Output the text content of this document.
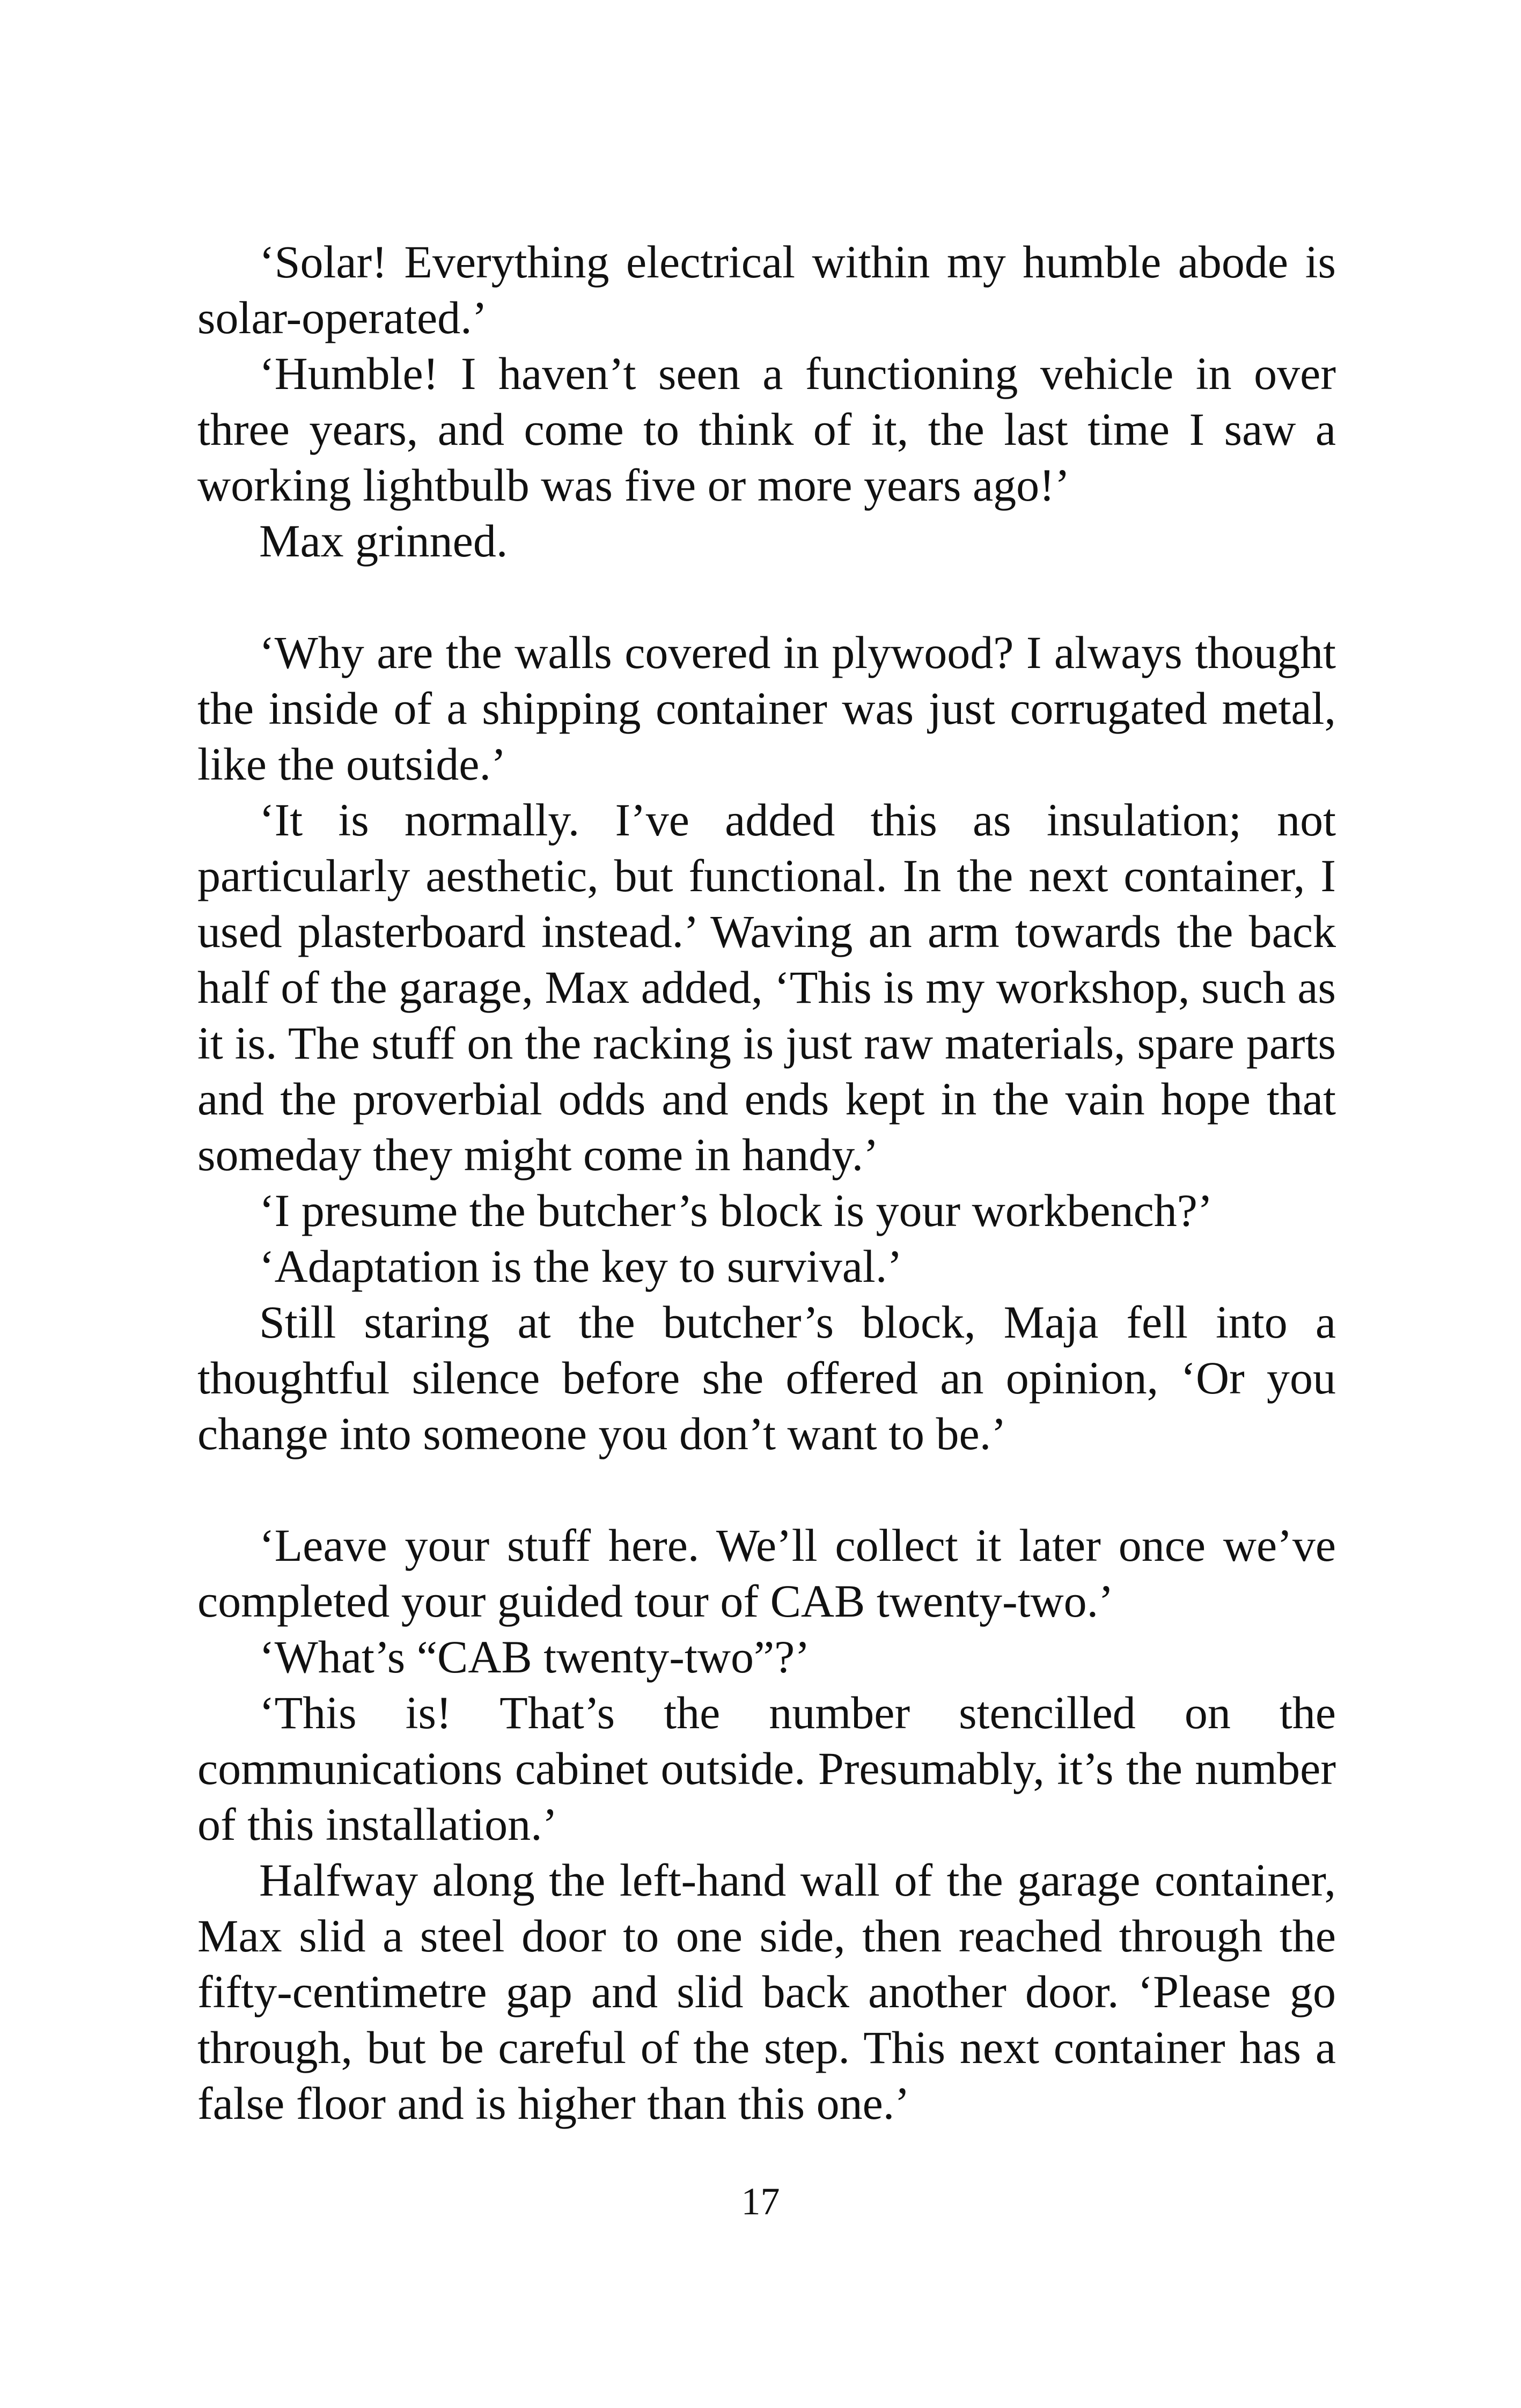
‘Solar! Everything electrical within my humble abode is solar-operated.’

‘Humble! I haven’t seen a functioning vehicle in over three years, and come to think of it, the last time I saw a working lightbulb was five or more years ago!’

Max grinned.

‘Why are the walls covered in plywood? I always thought the inside of a shipping container was just corrugated metal, like the outside.’

‘It is normally. I’ve added this as insulation; not particularly aesthetic, but functional. In the next container, I used plasterboard instead.’ Waving an arm towards the back half of the garage, Max added, ‘This is my workshop, such as it is. The stuff on the racking is just raw materials, spare parts and the proverbial odds and ends kept in the vain hope that someday they might come in handy.’

‘I presume the butcher’s block is your workbench?’

‘Adaptation is the key to survival.’

Still staring at the butcher’s block, Maja fell into a thoughtful silence before she offered an opinion, ‘Or you change into someone you don’t want to be.’

‘Leave your stuff here. We’ll collect it later once we’ve completed your guided tour of CAB twenty-two.’

‘What’s “CAB twenty-two”?’

‘This is! That’s the number stencilled on the communications cabinet outside. Presumably, it’s the number of this installation.’

Halfway along the left-hand wall of the garage container, Max slid a steel door to one side, then reached through the fifty-centimetre gap and slid back another door. ‘Please go through, but be careful of the step. This next container has a false floor and is higher than this one.’

17
